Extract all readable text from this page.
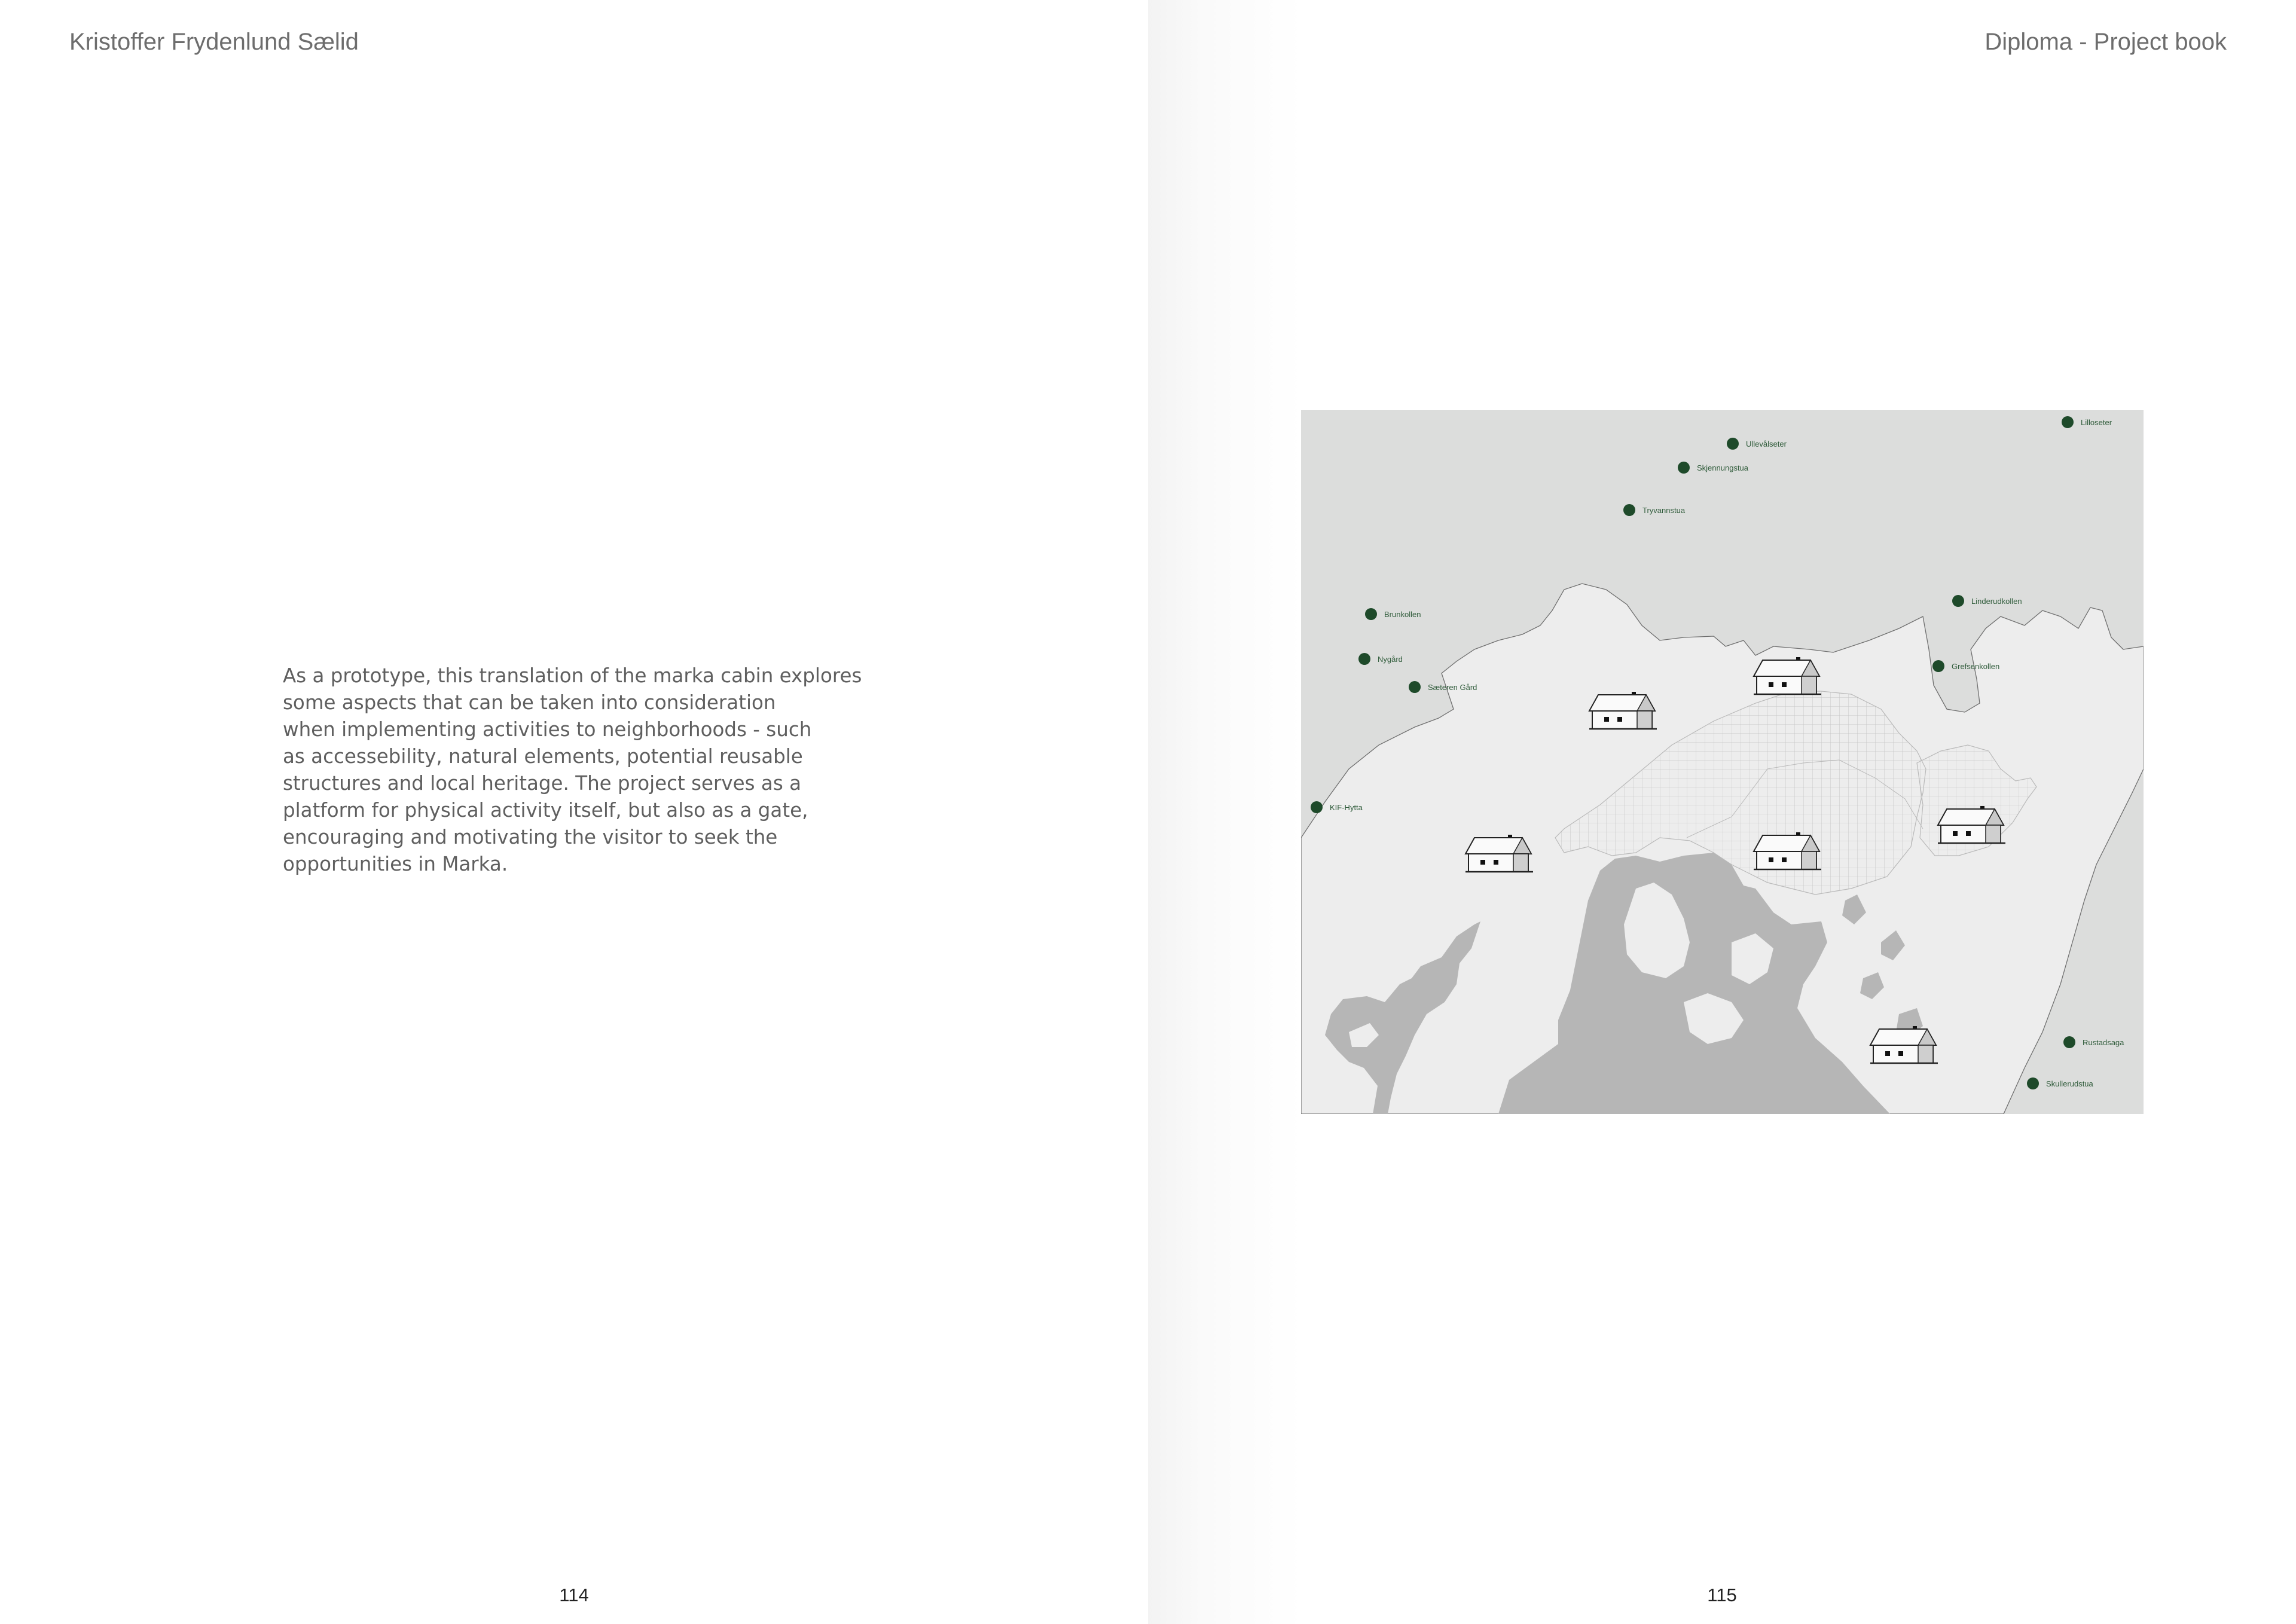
Kristoffer Frydenlund Sælid
As a prototype, this translation of the marka cabin explores
some aspects that can be taken into consideration
when implementing activities to neighborhoods - such
as accessebility, natural elements, potential reusable
structures and local heritage. The project serves as a
platform for physical activity itself, but also as a gate,
encouraging and motivating the visitor to seek the
opportunities in Marka.
114
Diploma - Project book
Lilloseter
Ullevålseter
Skjennungstua
Tryvannstua
Brunkollen
Nygård
Sæteren Gård
Linderudkollen
Grefsenkollen
KIF-Hytta
Rustadsaga
Skullerudstua
115
